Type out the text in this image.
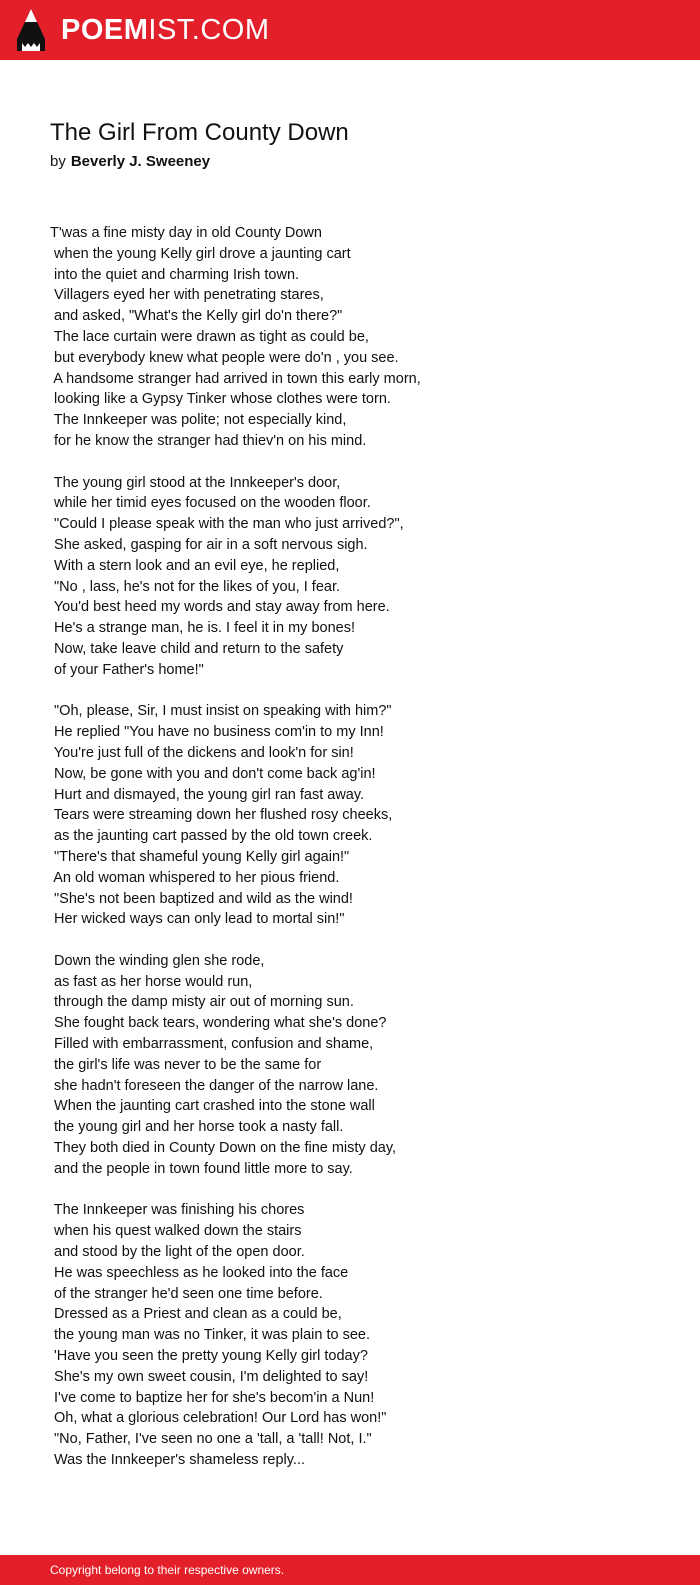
POEMIST.COM
The Girl From County Down
by Beverly J. Sweeney
T'was a fine misty day in old County Down
when the young Kelly girl drove a jaunting cart
into the quiet and charming Irish town.
Villagers eyed her with penetrating stares,
and asked, "What's the Kelly girl do'n there?"
The lace curtain were drawn as tight as could be,
but everybody knew what people were do'n , you see.
A handsome stranger had arrived in town this early morn,
looking like a Gypsy Tinker whose clothes were torn.
The Innkeeper was polite; not especially kind,
for he know the stranger had thiev'n on his mind.
The young girl stood at the Innkeeper's door,
while her timid eyes focused on the wooden floor.
"Could I please speak with the man who just arrived?",
She asked, gasping for air in a soft nervous sigh.
With a stern look and an evil eye, he replied,
"No , lass, he's not for the likes of you, I fear.
You'd best heed my words and stay away from here.
He's a strange man, he is. I feel it in my bones!
Now, take leave child and return to the safety
of your Father's home!"
"Oh, please, Sir, I must insist on speaking with him?"
He replied "You have no business com'in to my Inn!
You're just full of the dickens and look'n for sin!
Now, be gone with you and don't come back ag'in!
Hurt and dismayed, the young girl ran fast away.
Tears were streaming down her flushed rosy cheeks,
as the jaunting cart passed by the old town creek.
"There's that shameful young Kelly girl again!"
An old woman whispered to her pious friend.
"She's not been baptized and wild as the wind!
Her wicked ways can only lead to mortal sin!"
Down the winding glen she rode,
as fast as her horse would run,
through the damp misty air out of morning sun.
She fought back tears, wondering what she's done?
Filled with embarrassment, confusion and shame,
the girl's life was never to be the same for
she hadn't foreseen the danger of the narrow lane.
When the jaunting cart crashed into the stone wall
the young girl and her horse took a nasty fall.
They both died in County Down on the fine misty day,
and the people in town found little more to say.
The Innkeeper was finishing his chores
when his quest walked down the stairs
and stood by the light of the open door.
He was speechless as he looked into the face
of the stranger he'd seen one time before.
Dressed as a Priest and clean as a could be,
the young man was no Tinker, it was plain to see.
'Have you seen the pretty young Kelly girl today?
She's my own sweet cousin, I'm delighted to say!
I've come to baptize her for she's becom'in a Nun!
Oh, what a glorious celebration! Our Lord has won!"
"No, Father, I've seen no one a 'tall, a 'tall! Not, I."
Was the Innkeeper's shameless reply...
Copyright belong to their respective owners.
